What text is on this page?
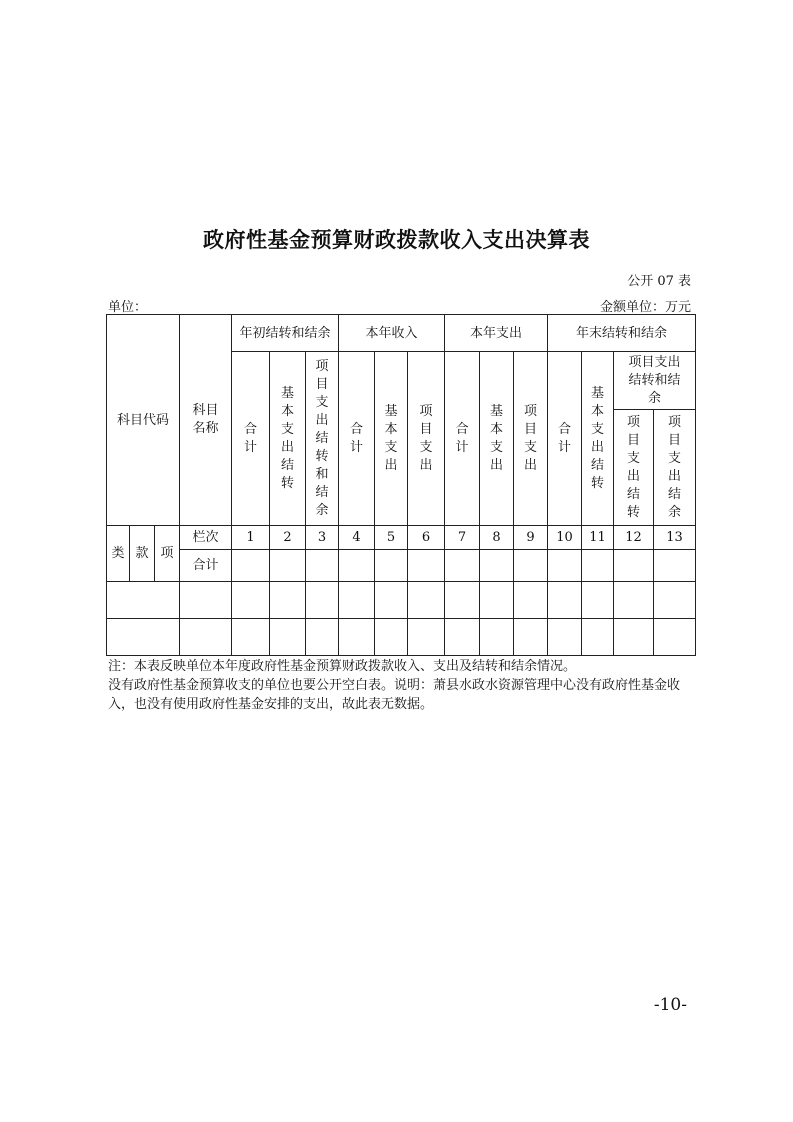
政府性基金预算财政拨款收入支出决算表
公开 07 表
单位：	金额单位：万元
科目代码			科目名称	年初结转和结余			本年收入			本年支出			年末结转和结余			
				合计	基本支出结转	项目支出结转和结余	合计	基本支出	项目支出	合计	基本支出	项目支出	合计	基本支出结转	项目支出结转和结余	
															项目支出结转	项目支出结余
类	款	项	栏次	1	2	3	4	5	6	7	8	9	10	11	12	13
			合计													

注：本表反映单位本年度政府性基金预算财政拨款收入、支出及结转和结余情况。
没有政府性基金预算收支的单位也要公开空白表。说明：萧县水政水资源管理中心没有政府性基金收入，也没有使用政府性基金安排的支出，故此表无数据。
-10-
